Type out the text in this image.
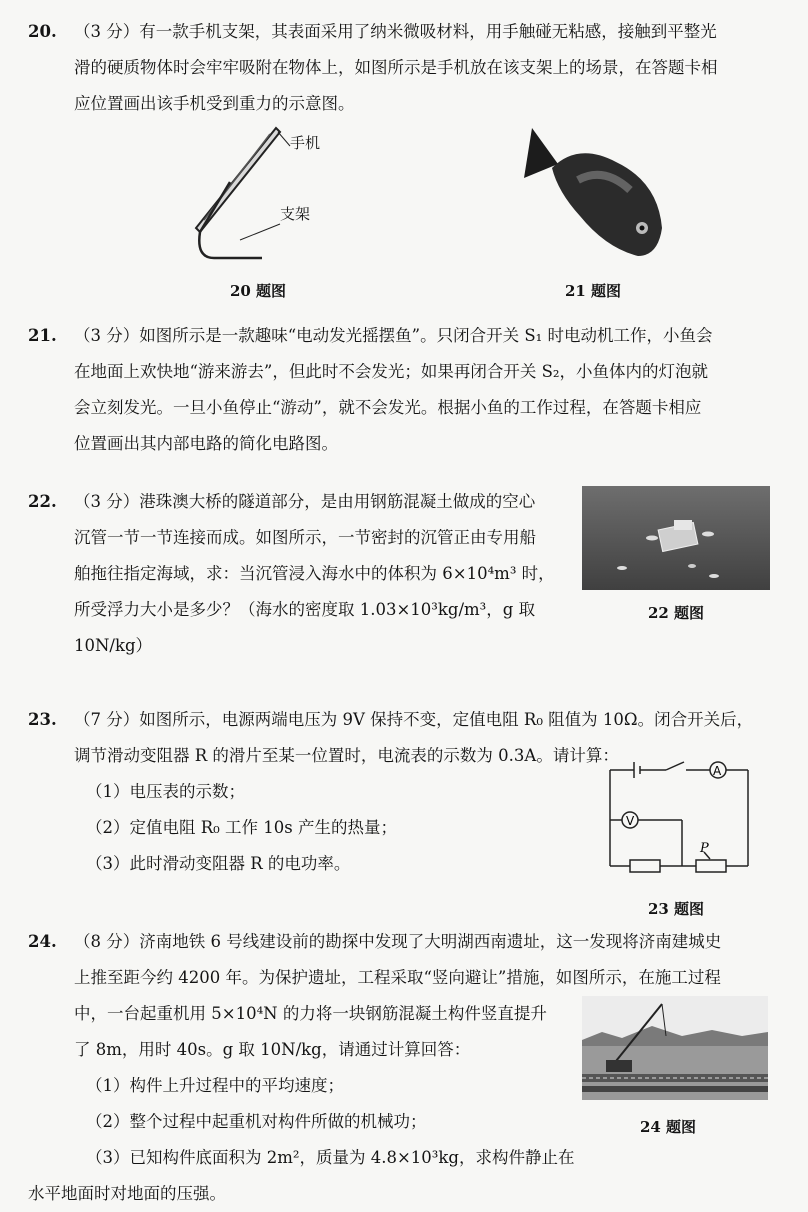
20. （3 分）有一款手机支架，其表面采用了纳米微吸材料，用手触碰无粘感，接触到平整光
滑的硬质物体时会牢牢吸附在物体上，如图所示是手机放在该支架上的场景，在答题卡相
应位置画出该手机受到重力的示意图。
手机
支架
20 题图	21 题图
21. （3 分）如图所示是一款趣味“电动发光摇摆鱼”。只闭合开关 S₁ 时电动机工作，小鱼会
在地面上欢快地“游来游去”，但此时不会发光；如果再闭合开关 S₂，小鱼体内的灯泡就
会立刻发光。一旦小鱼停止“游动”，就不会发光。根据小鱼的工作过程，在答题卡相应
位置画出其内部电路的简化电路图。
22. （3 分）港珠澳大桥的隧道部分，是由用钢筋混凝土做成的空心
沉管一节一节连接而成。如图所示，一节密封的沉管正由专用船
舶拖往指定海域，求：当沉管浸入海水中的体积为 6×10⁴m³ 时，
所受浮力大小是多少？（海水的密度取 1.03×10³kg/m³，g 取
10N/kg）
22 题图
23. （7 分）如图所示，电源两端电压为 9V 保持不变，定值电阻 R₀ 阻值为 10Ω。闭合开关后，
调节滑动变阻器 R 的滑片至某一位置时，电流表的示数为 0.3A。请计算：
（1）电压表的示数；
（2）定值电阻 R₀ 工作 10s 产生的热量；
（3）此时滑动变阻器 R 的电功率。
A
V
P
23 题图
24. （8 分）济南地铁 6 号线建设前的勘探中发现了大明湖西南遗址，这一发现将济南建城史
上推至距今约 4200 年。为保护遗址，工程采取“竖向避让”措施，如图所示，在施工过程
中，一台起重机用 5×10⁴N 的力将一块钢筋混凝土构件竖直提升
了 8m，用时 40s。g 取 10N/kg，请通过计算回答：
（1）构件上升过程中的平均速度；
（2）整个过程中起重机对构件所做的机械功；
（3）已知构件底面积为 2m²，质量为 4.8×10³kg，求构件静止在
水平地面时对地面的压强。
24 题图
